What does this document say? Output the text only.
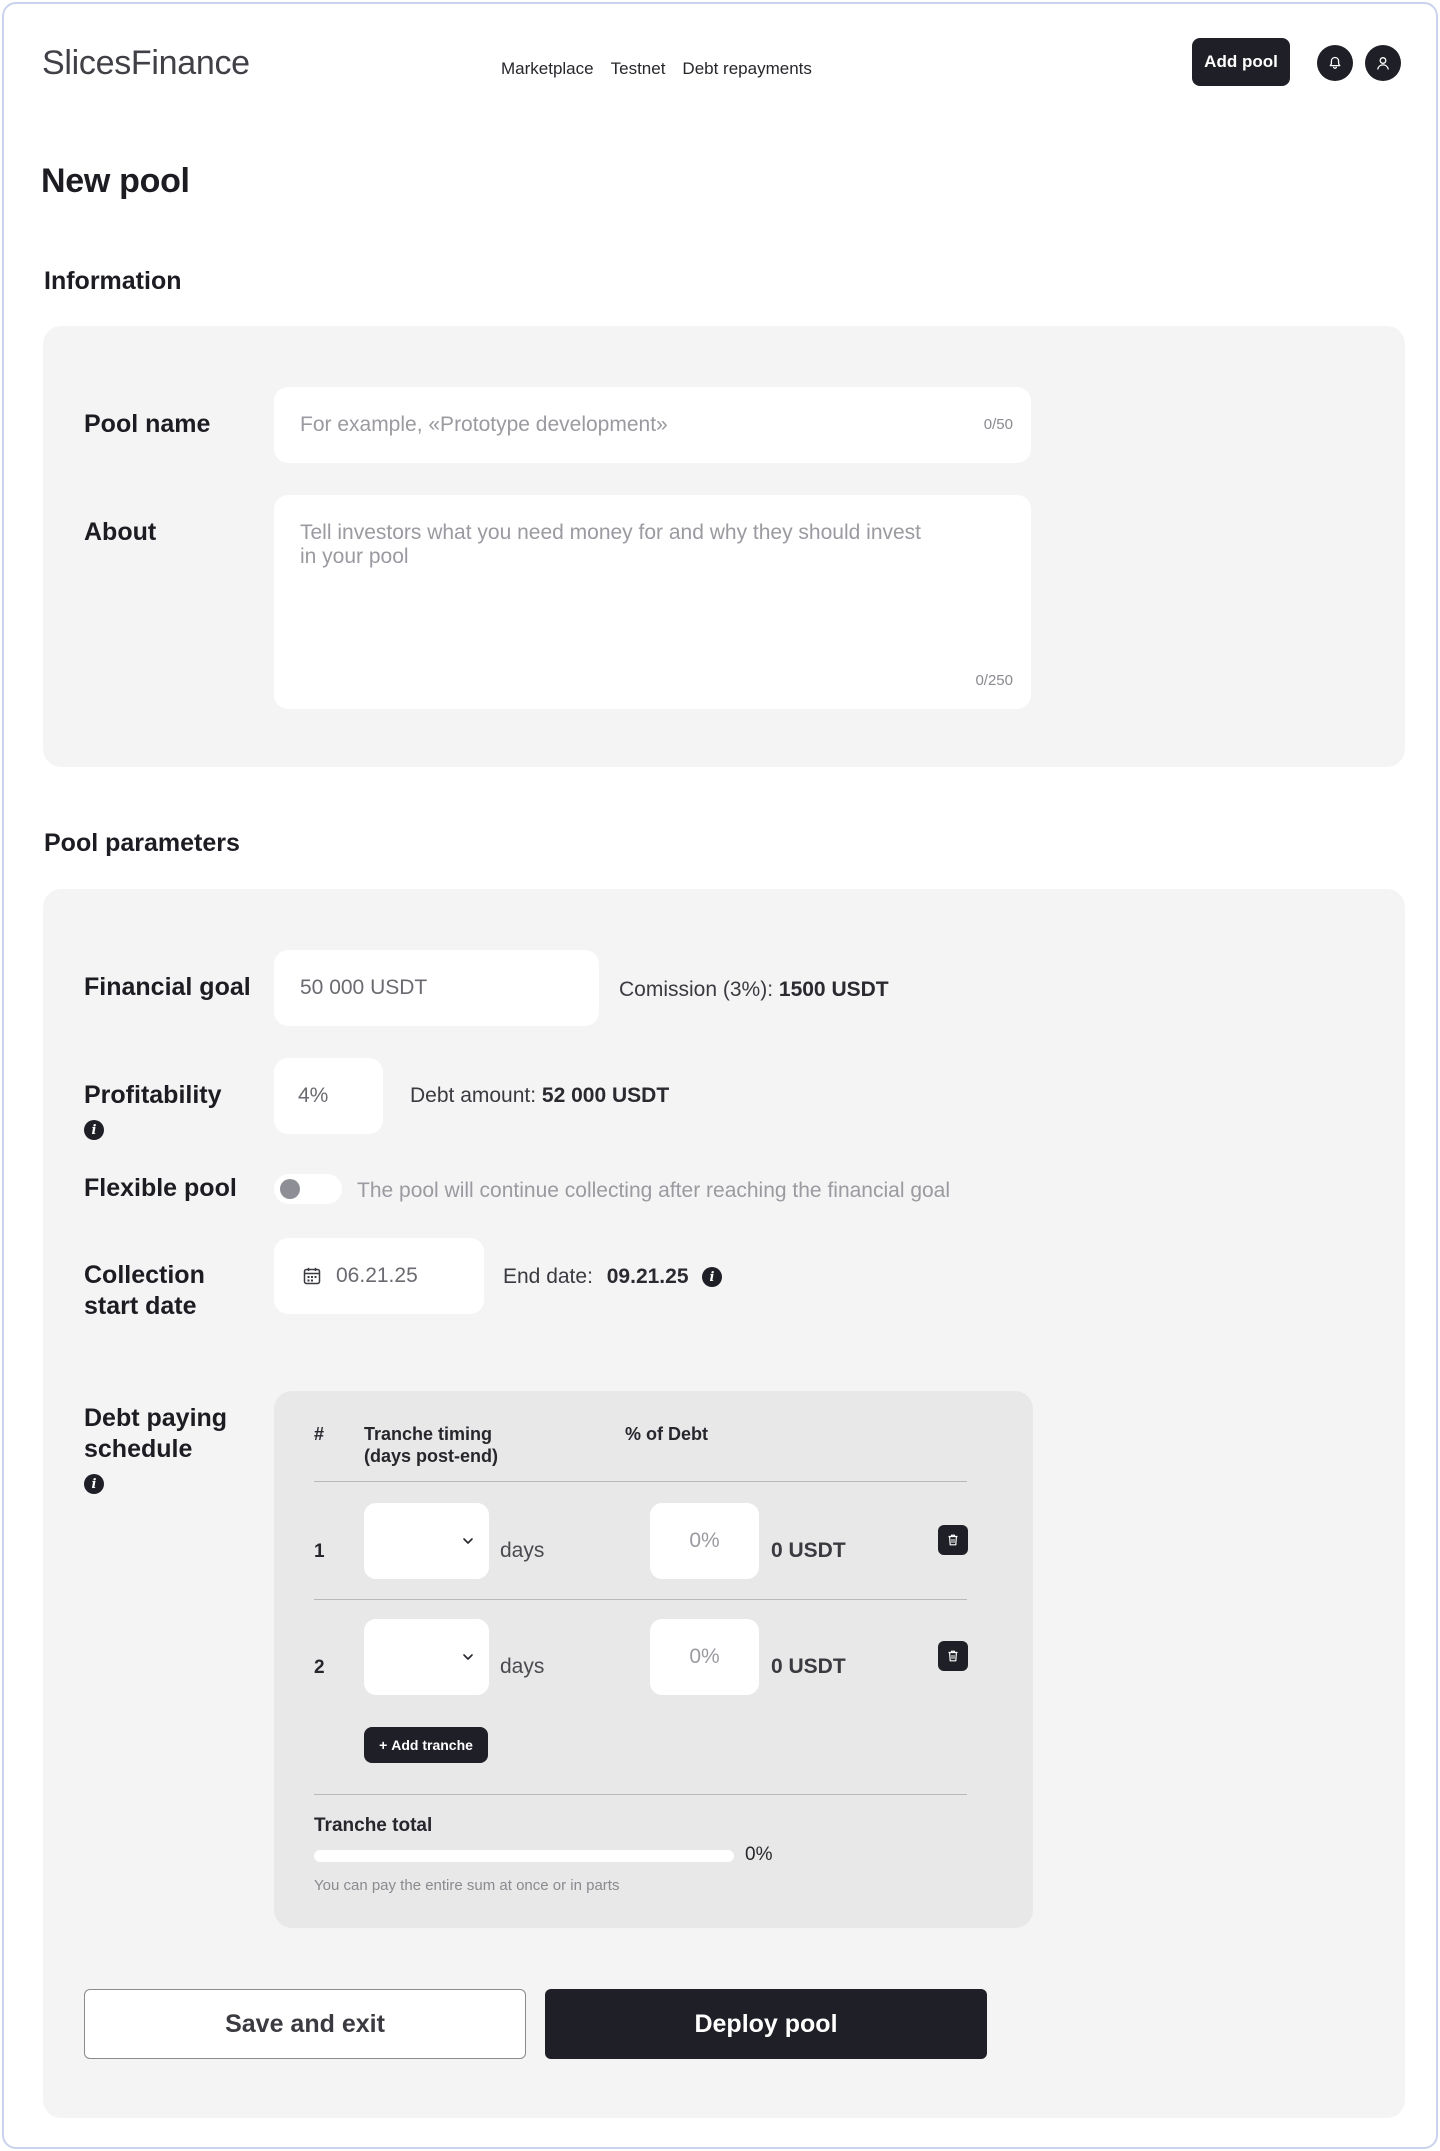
SlicesFinance	Marketplace Testnet Debt repayments	Add pool
New pool
Information
Pool name	For example, «Prototype development»	0/50
About	Tell investors what you need money for and why they should invest in your pool
0/250
Pool parameters
Financial goal 50 000 USDT	Comission (3%): 1500 USDT
Profitability
i
4%	Debt amount: 52 000 USDT
Flexible pool	The pool will continue collecting after reaching the financial goal
Collection start date
06.21.25	End date: 09.21.25	i
Debt paying schedule
i
# Tranche timing (days post-end)
% of Debt
1	days	0% 0 USDT
2	days	0% 0 USDT
+ Add tranche
Tranche total
0%
You can pay the entire sum at once or in parts
Save and exit	Deploy pool
